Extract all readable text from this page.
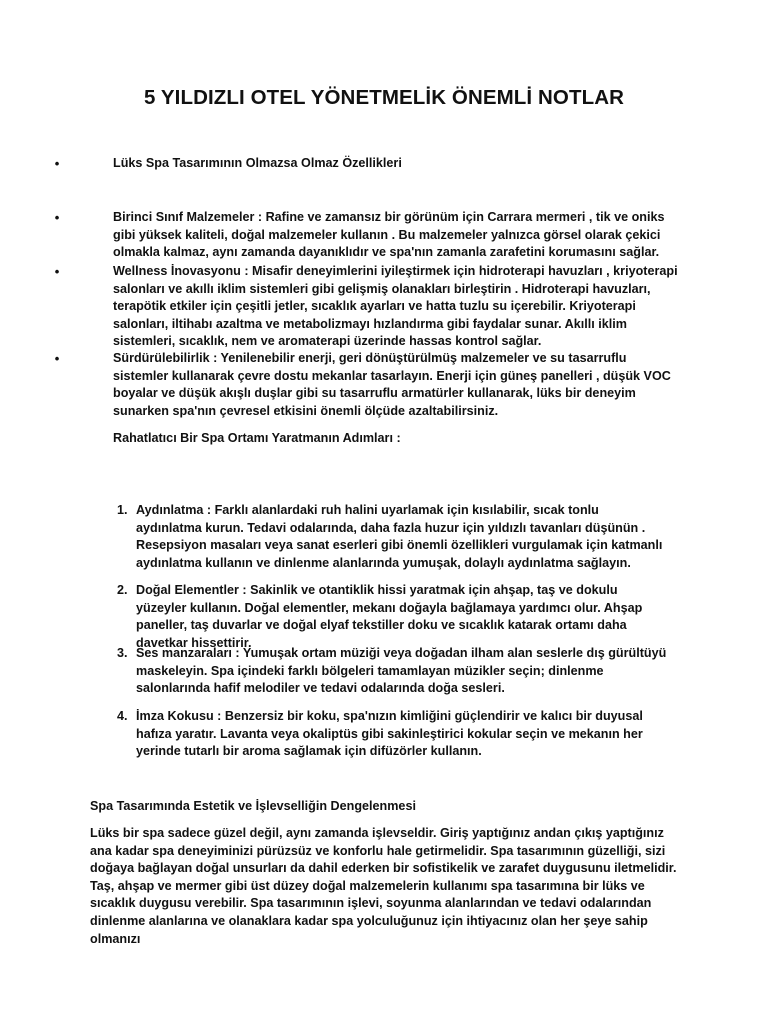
5 YILDIZLI OTEL YÖNETMELİK ÖNEMLİ NOTLAR
• Lüks Spa Tasarımının Olmazsa Olmaz Özellikleri
• Birinci Sınıf Malzemeler : Rafine ve zamansız bir görünüm için Carrara mermeri , tik ve oniks gibi yüksek kaliteli, doğal malzemeler kullanın . Bu malzemeler yalnızca görsel olarak çekici olmakla kalmaz, aynı zamanda dayanıklıdır ve spa'nın zamanla zarafetini korumasını sağlar.
• Wellness İnovasyonu : Misafir deneyimlerini iyileştirmek için hidroterapi havuzları , kriyoterapi salonları ve akıllı iklim sistemleri gibi gelişmiş olanakları birleştirin . Hidroterapi havuzları, terapötik etkiler için çeşitli jetler, sıcaklık ayarları ve hatta tuzlu su içerebilir. Kriyoterapi salonları, iltihabı azaltma ve metabolizmayı hızlandırma gibi faydalar sunar. Akıllı iklim sistemleri, sıcaklık, nem ve aromaterapi üzerinde hassas kontrol sağlar.
• Sürdürülebilirlik : Yenilenebilir enerji, geri dönüştürülmüş malzemeler ve su tasarruflu sistemler kullanarak çevre dostu mekanlar tasarlayın. Enerji için güneş panelleri , düşük VOC boyalar ve düşük akışlı duşlar gibi su tasarruflu armatürler kullanarak, lüks bir deneyim sunarken spa'nın çevresel etkisini önemli ölçüde azaltabilirsiniz.
Rahatlatıcı Bir Spa Ortamı Yaratmanın Adımları :
1. Aydınlatma : Farklı alanlardaki ruh halini uyarlamak için kısılabilir, sıcak tonlu aydınlatma kurun. Tedavi odalarında, daha fazla huzur için yıldızlı tavanları düşünün . Resepsiyon masaları veya sanat eserleri gibi önemli özellikleri vurgulamak için katmanlı aydınlatma kullanın ve dinlenme alanlarında yumuşak, dolaylı aydınlatma sağlayın.
2. Doğal Elementler : Sakinlik ve otantiklik hissi yaratmak için ahşap, taş ve dokulu yüzeyler kullanın. Doğal elementler, mekanı doğayla bağlamaya yardımcı olur. Ahşap paneller, taş duvarlar ve doğal elyaf tekstiller doku ve sıcaklık katarak ortamı daha davetkar hissettirir.
3. Ses manzaraları : Yumuşak ortam müziği veya doğadan ilham alan seslerle dış gürültüyü maskeleyin. Spa içindeki farklı bölgeleri tamamlayan müzikler seçin; dinlenme salonlarında hafif melodiler ve tedavi odalarında doğa sesleri.
4. İmza Kokusu : Benzersiz bir koku, spa'nızın kimliğini güçlendirir ve kalıcı bir duyusal hafıza yaratır. Lavanta veya okaliptüs gibi sakinleştirici kokular seçin ve mekanın her yerinde tutarlı bir aroma sağlamak için difüzörler kullanın.
Spa Tasarımında Estetik ve İşlevselliğin Dengelenmesi
Lüks bir spa sadece güzel değil, aynı zamanda işlevseldir. Giriş yaptığınız andan çıkış yaptığınız ana kadar spa deneyiminizi pürüzsüz ve konforlu hale getirmelidir. Spa tasarımının güzelliği, sizi doğaya bağlayan doğal unsurları da dahil ederken bir sofistikelik ve zarafet duygusunu iletmelidir. Taş, ahşap ve mermer gibi üst düzey doğal malzemelerin kullanımı spa tasarımına bir lüks ve sıcaklık duygusu verebilir. Spa tasarımının işlevi, soyunma alanlarından ve tedavi odalarından dinlenme alanlarına ve olanaklara kadar spa yolculuğunuz için ihtiyacınız olan her şeye sahip olmanızı
